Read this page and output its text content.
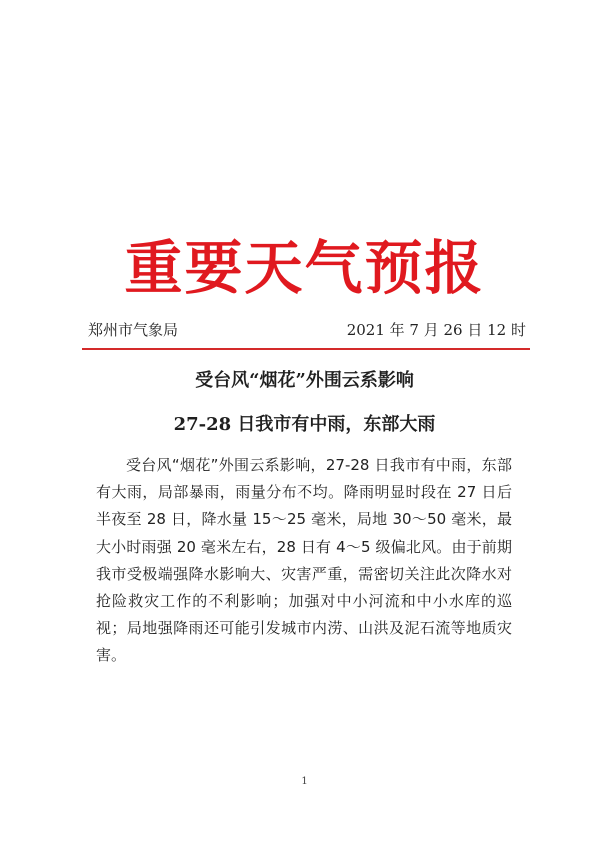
重要天气预报
郑州市气象局	2021 年 7 月 26 日 12 时
受台风“烟花”外围云系影响
27-28 日我市有中雨，东部大雨

受台风“烟花”外围云系影响，27-28 日我市有中雨，东部有大雨，局部暴雨，雨量分布不均。降雨明显时段在 27 日后半夜至 28 日，降水量 15～25 毫米，局地 30～50 毫米，最大小时雨强 20 毫米左右，28 日有 4～5 级偏北风。由于前期我市受极端强降水影响大、灾害严重，需密切关注此次降水对抢险救灾工作的不利影响；加强对中小河流和中小水库的巡视；局地强降雨还可能引发城市内涝、山洪及泥石流等地质灾害。

1
